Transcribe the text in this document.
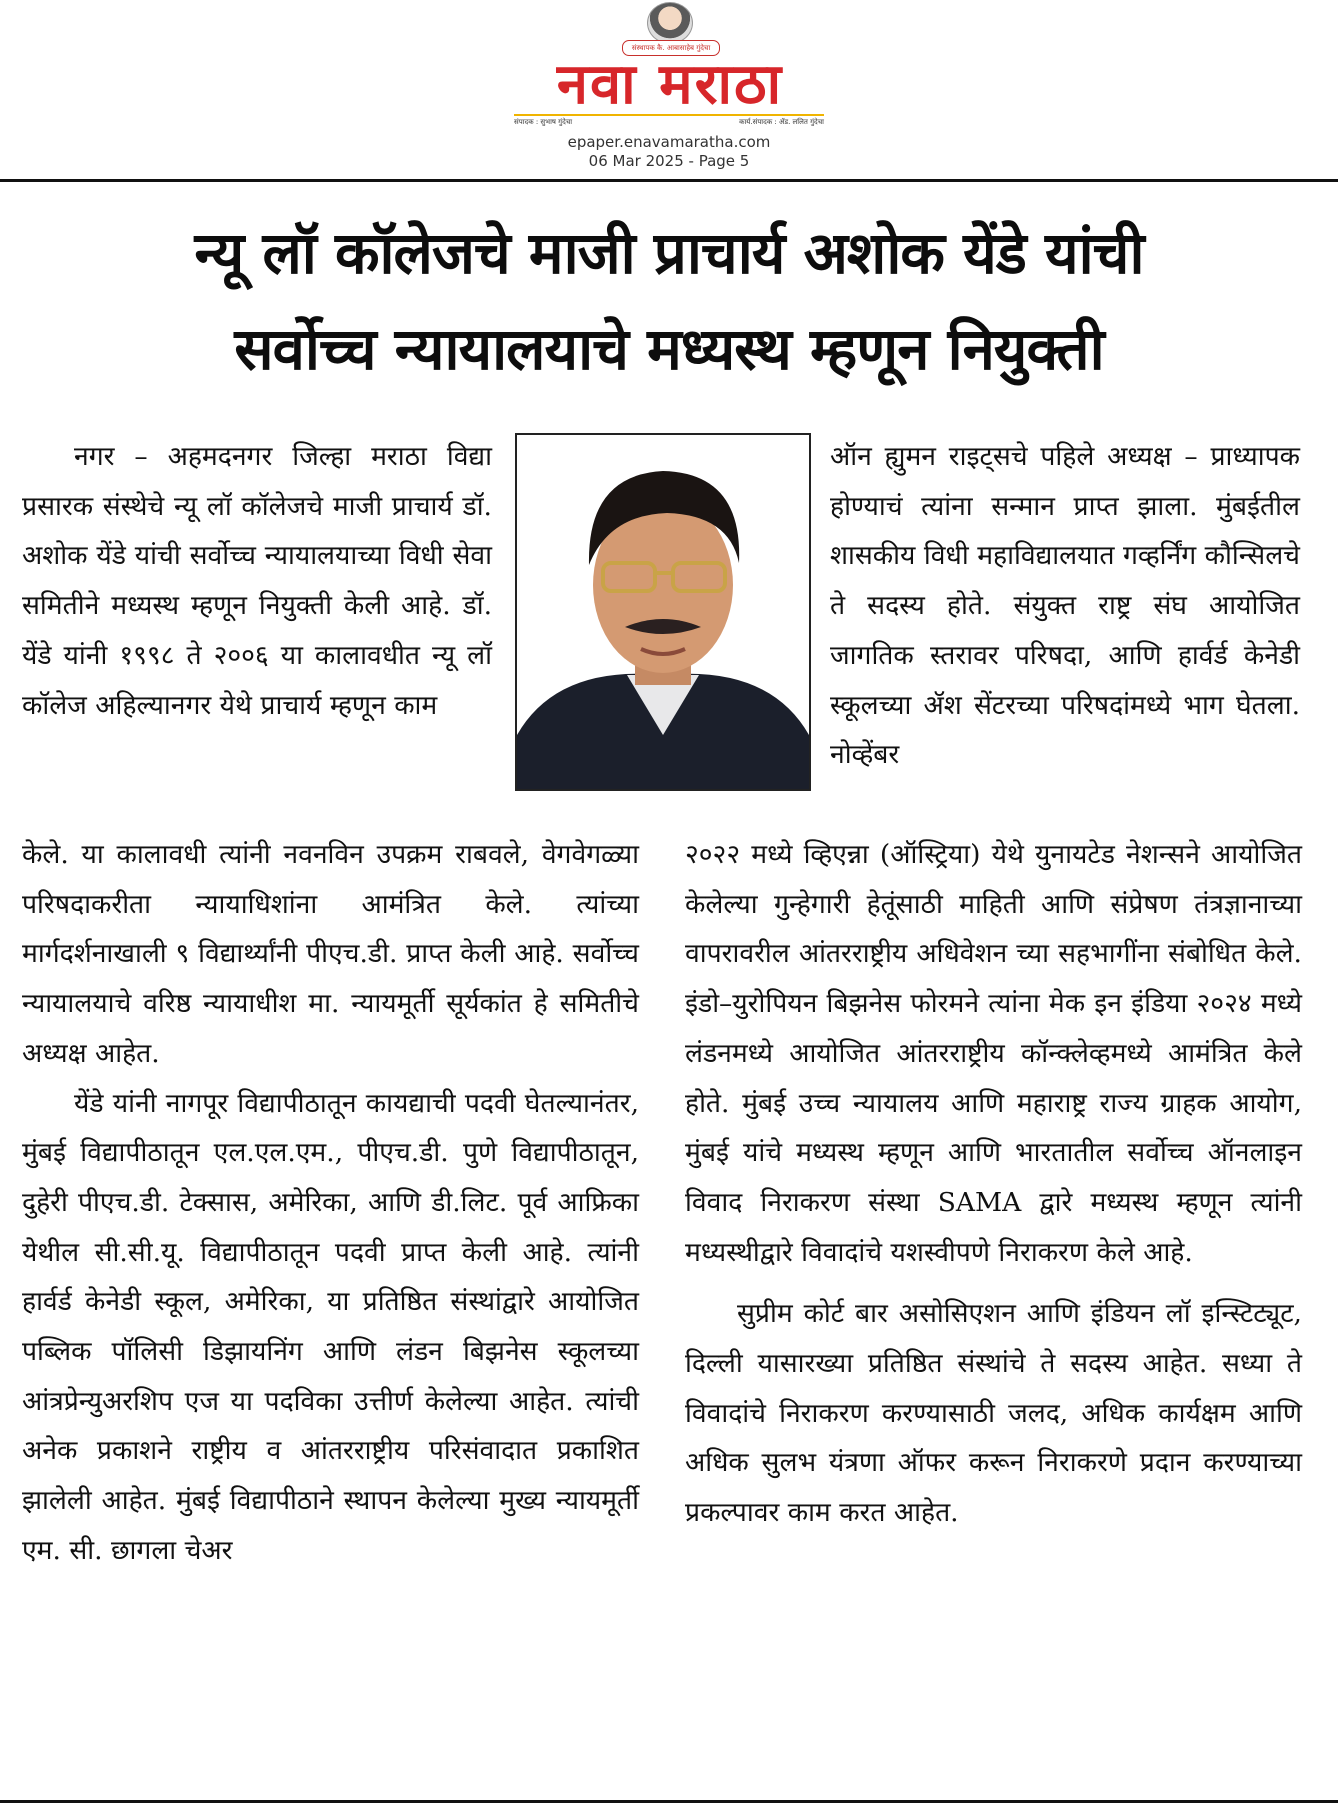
संस्थापक कै. आबासाहेब गुंदेचा
नवा मराठा
संपादक : सुभाष गुंदेचा	कार्य.संपादक : ॲड. ललित गुंदेचा
epaper.enavamaratha.com
06 Mar 2025 - Page 5
न्यू लॉ कॉलेजचे माजी प्राचार्य अशोक येंडे यांची
सर्वोच्च न्यायालयाचे मध्यस्थ म्हणून नियुक्ती

नगर – अहमदनगर जिल्हा मराठा विद्या प्रसारक संस्थेचे न्यू लॉ कॉलेजचे माजी प्राचार्य डॉ. अशोक येंडे यांची सर्वोच्च न्यायालयाच्या विधी सेवा समितीने मध्यस्थ म्हणून नियुक्ती केली आहे. डॉ. येंडे यांनी १९९८ ते २००६ या कालावधीत न्यू लॉ कॉलेज अहिल्यानगर येथे प्राचार्य म्हणून काम

केले. या कालावधी त्यांनी नवनविन उपक्रम राबवले, वेगवेगळ्या परिषदाकरीता न्यायाधिशांना आमंत्रित केले. त्यांच्या मार्गदर्शनाखाली ९ विद्यार्थ्यांनी पीएच.डी. प्राप्त केली आहे. सर्वोच्च न्यायालयाचे वरिष्ठ न्यायाधीश मा. न्यायमूर्ती सूर्यकांत हे समितीचे अध्यक्ष आहेत.

येंडे यांनी नागपूर विद्यापीठातून कायद्याची पदवी घेतल्यानंतर, मुंबई विद्यापीठातून एल.एल.एम., पीएच.डी. पुणे विद्यापीठातून, दुहेरी पीएच.डी. टेक्सास, अमेरिका, आणि डी.लिट. पूर्व आफ्रिका येथील सी.सी.यू. विद्यापीठातून पदवी प्राप्त केली आहे. त्यांनी हार्वर्ड केनेडी स्कूल, अमेरिका, या प्रतिष्ठित संस्थांद्वारे आयोजित पब्लिक पॉलिसी डिझायनिंग आणि लंडन बिझनेस स्कूलच्या आंत्रप्रेन्युअरशिप एज या पदविका उत्तीर्ण केलेल्या आहेत. त्यांची अनेक प्रकाशने राष्ट्रीय व आंतरराष्ट्रीय परिसंवादात प्रकाशित झालेली आहेत. मुंबई विद्यापीठाने स्थापन केलेल्या मुख्य न्यायमूर्ती एम. सी. छागला चेअर

ऑन ह्युमन राइट्सचे पहिले अध्यक्ष – प्राध्यापक होण्याचं त्यांना सन्मान प्राप्त झाला. मुंबईतील शासकीय विधी महाविद्यालयात गव्हर्निंग कौन्सिलचे ते सदस्य होते. संयुक्त राष्ट्र संघ आयोजित जागतिक स्तरावर परिषदा, आणि हार्वर्ड केनेडी स्कूलच्या ॲश सेंटरच्या परिषदांमध्ये भाग घेतला. नोव्हेंबर

२०२२ मध्ये व्हिएन्ना (ऑस्ट्रिया) येथे युनायटेड नेशन्सने आयोजित केलेल्या गुन्हेगारी हेतूंसाठी माहिती आणि संप्रेषण तंत्रज्ञानाच्या वापरावरील आंतरराष्ट्रीय अधिवेशन च्या सहभागींना संबोधित केले. इंडो–युरोपियन बिझनेस फोरमने त्यांना मेक इन इंडिया २०२४ मध्ये लंडनमध्ये आयोजित आंतरराष्ट्रीय कॉन्क्लेव्हमध्ये आमंत्रित केले होते. मुंबई उच्च न्यायालय आणि महाराष्ट्र राज्य ग्राहक आयोग, मुंबई यांचे मध्यस्थ म्हणून आणि भारतातील सर्वोच्च ऑनलाइन विवाद निराकरण संस्था SAMA द्वारे मध्यस्थ म्हणून त्यांनी मध्यस्थीद्वारे विवादांचे यशस्वीपणे निराकरण केले आहे.

सुप्रीम कोर्ट बार असोसिएशन आणि इंडियन लॉ इन्स्टिट्यूट, दिल्ली यासारख्या प्रतिष्ठित संस्थांचे ते सदस्य आहेत. सध्या ते विवादांचे निराकरण करण्यासाठी जलद, अधिक कार्यक्षम आणि अधिक सुलभ यंत्रणा ऑफर करून निराकरणे प्रदान करण्याच्या प्रकल्पावर काम करत आहेत.
